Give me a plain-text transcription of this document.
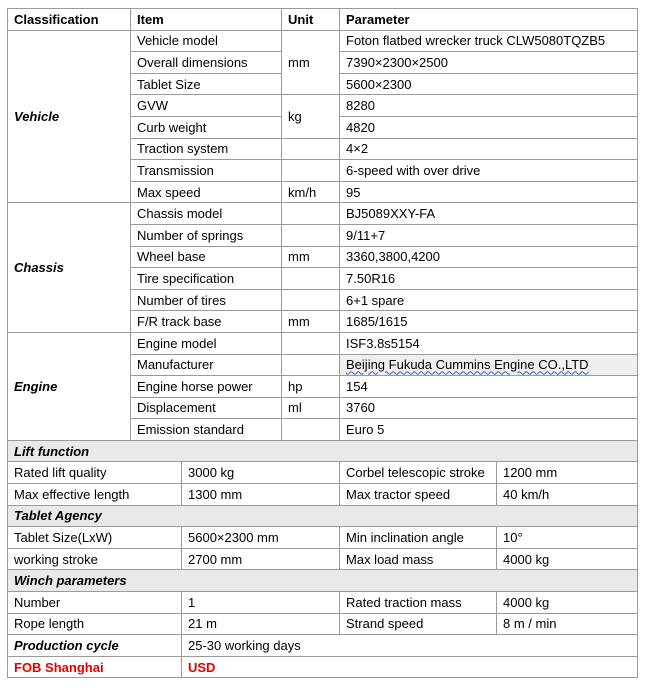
Classification	Item		Unit	Parameter	
Vehicle	Vehicle model		mm	Foton flatbed wrecker truck CLW5080TQZB5	
	Overall dimensions			7390×2300×2500	
	Tablet Size			5600×2300	
	GVW		kg	8280	
	Curb weight			4820	
	Traction system			4×2	
	Transmission			6-speed with over drive	
	Max speed		km/h	95	
Chassis	Chassis model			BJ5089XXY-FA	
	Number of springs			9/11+7	
	Wheel base		mm	3360,3800,4200	
	Tire specification			7.50R16	
	Number of tires			6+1 spare	
	F/R track base		mm	1685/1615	
Engine	Engine model			ISF3.8s5154	
	Manufacturer			Beijing Fukuda Cummins Engine CO.,LTD	
	Engine horse power		hp	154	
	Displacement		ml	3760	
	Emission standard			Euro 5	
Lift function					
Rated lift quality		3000 kg		Corbel telescopic stroke	1200 mm
Max effective length		1300 mm		Max tractor speed	40 km/h
Tablet Agency					
Tablet Size(LxW)		5600×2300 mm		Min inclination angle	10°
working stroke		2700 mm		Max load mass	4000 kg
Winch parameters					
Number		1		Rated traction mass	4000 kg
Rope length		21 m		Strand speed	8 m / min
Production cycle		25-30 working days			
FOB Shanghai		USD			
